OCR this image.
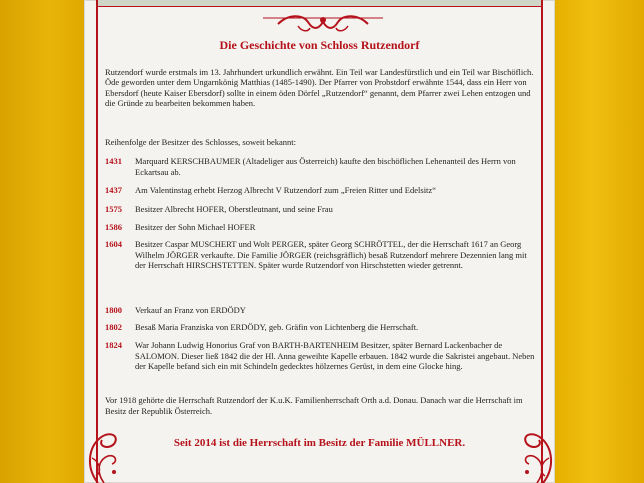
Die Geschichte von Schloss Rutzendorf
Rutzendorf wurde erstmals im 13. Jahrhundert urkundlich erwähnt. Ein Teil war Landesfürstlich und ein Teil war Bischöflich. Öde geworden unter dem Ungarnkönig Matthias (1485-1490). Der Pfarrer von Probstdorf erwähnte 1544, dass ein Herr von Ebersdorf (heute Kaiser Ebersdorf) sollte in einem öden Dörfel „Rutzendorf“ genannt, dem Pfarrer zwei Lehen entzogen und die Gründe zu bearbeiten bekommen haben.
Reihenfolge der Besitzer des Schlosses, soweit bekannt:
1431	Marquard KERSCHBAUMER (Altadeliger aus Österreich) kaufte den bischöflichen Lehenanteil des Herrn von Eckartsau ab.
1437	Am Valentinstag erhebt Herzog Albrecht V Rutzendorf zum „Freien Ritter und Edelsitz“
1575	Besitzer Albrecht HOFER, Oberstleutnant, und seine Frau
1586	Besitzer der Sohn Michael HOFER
1604	Besitzer Caspar MUSCHERT und Wolt PERGER, später Georg SCHRÖTTEL, der die Herrschaft 1617 an Georg Wilhelm JÖRGER verkaufte. Die Familie JÖRGER (reichsgräflich) besaß Rutzendorf mehrere Dezennien lang mit der Herrschaft HIRSCHSTETTEN. Später wurde Rutzendorf von Hirschstetten wieder getrennt.
1800	Verkauf an Franz von ERDÖDY
1802	Besaß Maria Franziska von ERDÖDY, geb. Gräfin von Lichtenberg die Herrschaft.
1824	War Johann Ludwig Honorius Graf von BARTH-BARTENHEIM Besitzer, später Bernard Lackenbacher de SALOMON. Dieser ließ 1842 die der Hl. Anna geweihte Kapelle erbauen. 1842 wurde die Sakristei angebaut. Neben der Kapelle befand sich ein mit Schindeln gedecktes hölzernes Gerüst, in dem eine Glocke hing.
Vor 1918 gehörte die Herrschaft Rutzendorf der K.u.K. Familienherrschaft Orth a.d. Donau. Danach war die Herrschaft im Besitz der Republik Österreich.
Seit 2014 ist die Herrschaft im Besitz der Familie MÜLLNER.
